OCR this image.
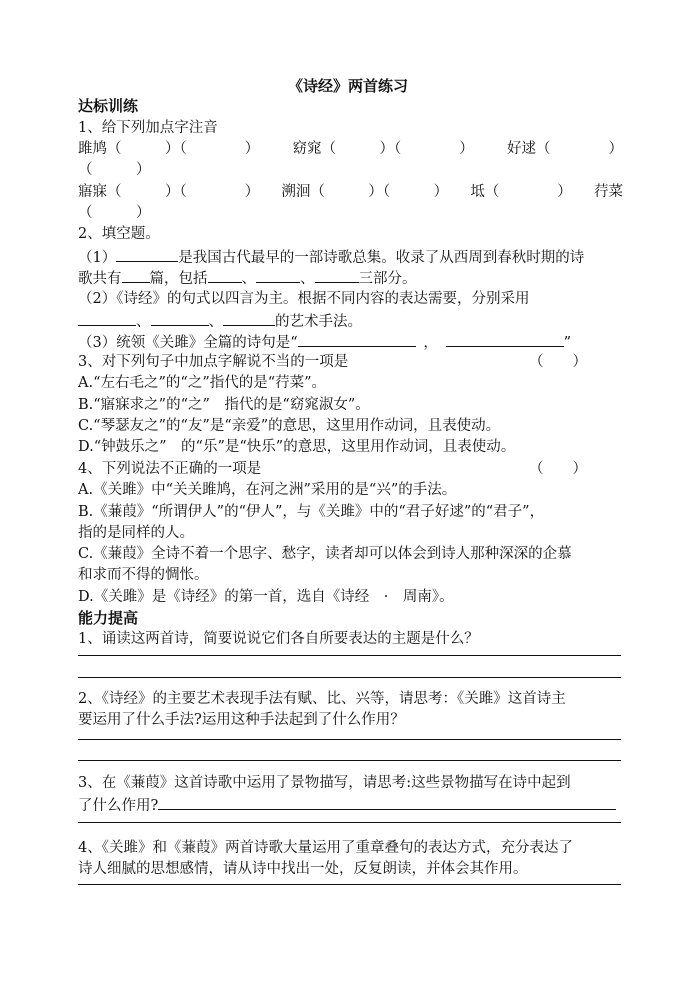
《诗经》两首练习
达标训练
1、给下列加点字注音
雎鸠（　　　）（　　　　） 窈窕（　　　）（　　　　） 好逑（　　　　）
（　　　）
寤寐（　　　）（　　　　） 溯洄（　　　）（　　　） 坻（　　　　） 荇菜
（　　　）
2、填空题。
（1）	是我国古代最早的一部诗歌总集。收录了从西周到春秋时期的诗
歌共有 篇，包括 、	、	三部分。
（2）《诗经》的句式以四言为主。根据不同内容的表达需要，分别采用
、	、	的艺术手法。
（3）统领《关雎》全篇的诗句是“	，	”
3、对下列句子中加点字解说不当的一项是	（　　）
A.“左右毛之”的“之”指代的是“荇菜”。
B.“寤寐求之”的“之”　指代的是“窈窕淑女”。
C.“琴瑟友之”的“友”是“亲爱”的意思，这里用作动词，且表使动。
D.“钟鼓乐之”　的“乐”是“快乐”的意思，这里用作动词，且表使动。
4、下列说法不正确的一项是	（　　）
A.《关雎》中“关关雎鸠，在河之洲”采用的是“兴”的手法。
B.《蒹葭》“所谓伊人”的“伊人”，与《关雎》中的“君子好逑”的“君子”，
指的是同样的人。
C.《蒹葭》全诗不着一个思字、愁字，读者却可以体会到诗人那种深深的企慕
和求而不得的惆怅。
D.《关雎》是《诗经》的第一首，选自《诗经　·　周南》。
能力提高
1、诵读这两首诗，简要说说它们各自所要表达的主题是什么？
2、《诗经》的主要艺术表现手法有赋、比、兴等，请思考：《关雎》这首诗主
要运用了什么手法?运用这种手法起到了什么作用？
3、在《蒹葭》这首诗歌中运用了景物描写，请思考:这些景物描写在诗中起到
了什么作用?
4、《关雎》和《蒹葭》两首诗歌大量运用了重章叠句的表达方式，充分表达了
诗人细腻的思想感情，请从诗中找出一处，反复朗读，并体会其作用。
